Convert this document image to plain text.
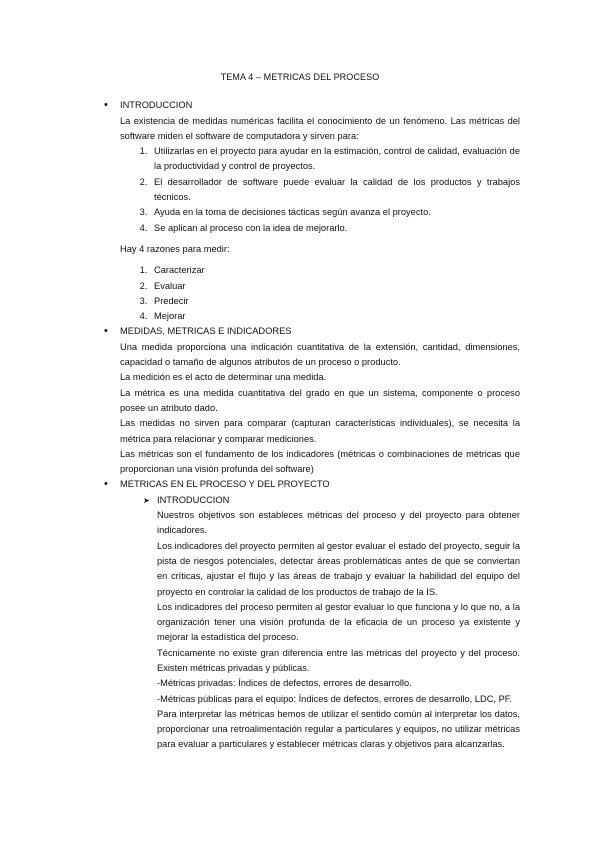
TEMA 4 – METRICAS DEL PROCESO
• INTRODUCCION

La existencia de medidas numéricas facilita el conocimiento de un fenómeno. Las métricas del software miden el software de computadora y sirven para:

1. Utilizarlas en el proyecto para ayudar en la estimación, control de calidad, evaluación de la productividad y control de proyectos.
2. El desarrollador de software puede evaluar la calidad de los productos y trabajos técnicos.
3. Ayuda en la toma de decisiones tácticas según avanza el proyecto.
4. Se aplican al proceso con la idea de mejorarlo.

Hay 4 razones para medir:

1. Caracterizar
2. Evaluar
3. Predecir
4. Mejorar
• MEDIDAS, METRICAS E INDICADORES

Una medida proporciona una indicación cuantitativa de la extensión, cantidad, dimensiones, capacidad o tamaño de algunos atributos de un proceso o producto.

La medición es el acto de determinar una medida.

La métrica es una medida cuantitativa del grado en que un sistema, componente o proceso posee un atributo dado.

Las medidas no sirven para comparar (capturan características individuales), se necesita la métrica para relacionar y comparar mediciones.

Las métricas son el fundamento de los indicadores (métricas o combinaciones de métricas que proporcionan una visión profunda del software)

• METRICAS EN EL PROCESO Y DEL PROYECTO
➤ INTRODUCCION

Nuestros objetivos son estableces métricas del proceso y del proyecto para obtener indicadores.

Los indicadores del proyecto permiten al gestor evaluar el estado del proyecto, seguir la pista de riesgos potenciales, detectar áreas problemáticas antes de que se conviertan en críticas, ajustar el flujo y las áreas de trabajo y evaluar la habilidad del equipo del proyecto en controlar la calidad de los productos de trabajo de la IS.

Los indicadores del proceso permiten al gestor evaluar lo que funciona y lo que no, a la organización tener una visión profunda de la eficacia de un proceso ya existente y mejorar la estadística del proceso.

Técnicamente no existe gran diferencia entre las métricas del proyecto y del proceso. Existen métricas privadas y públicas.

-Métricas privadas: Índices de defectos, errores de desarrollo.

-Métricas públicas para el equipo: Índices de defectos, errores de desarrollo, LDC, PF.

Para interpretar las métricas hemos de utilizar el sentido común al interpretar los datos, proporcionar una retroalimentación regular a particulares y equipos, no utilizar métricas para evaluar a particulares y establecer métricas claras y objetivos para alcanzarlas.
